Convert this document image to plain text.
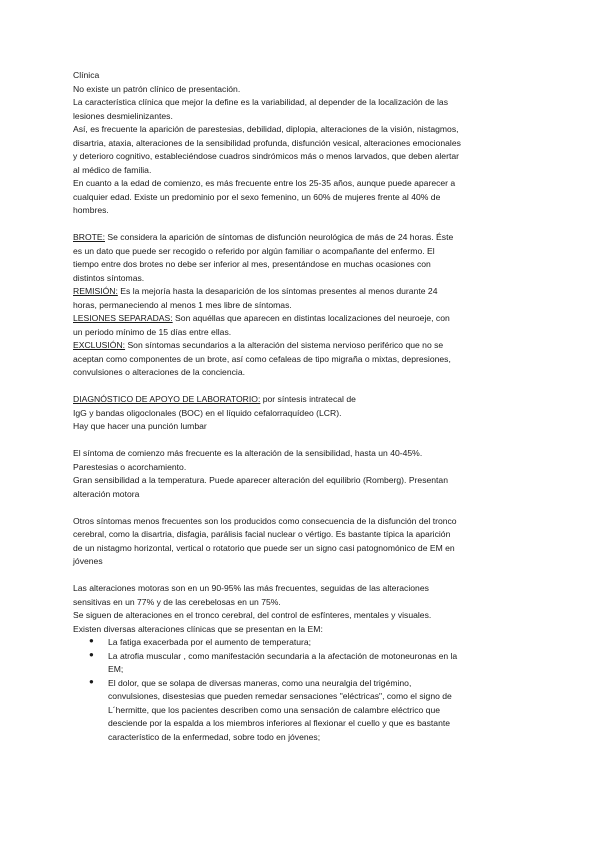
Clínica

No existe un patrón clínico de presentación.

La característica clínica que mejor la define es la variabilidad, al depender de la localización de las

lesiones desmielinizantes.

Así, es frecuente la aparición de parestesias, debilidad, diplopia, alteraciones de la visión, nistagmos,

disartria, ataxia, alteraciones de la sensibilidad profunda, disfunción vesical, alteraciones emocionales

y deterioro cognitivo, estableciéndose cuadros sindrómicos más o menos larvados, que deben alertar

al médico de familia.

En cuanto a la edad de comienzo, es más frecuente entre los 25-35 años, aunque puede aparecer a

cualquier edad. Existe un predominio por el sexo femenino, un 60% de mujeres frente al 40% de

hombres.

BROTE: Se considera la aparición de síntomas de disfunción neurológica de más de 24 horas. Éste

es un dato que puede ser recogido o referido por algún familiar o acompañante del enfermo. El

tiempo entre dos brotes no debe ser inferior al mes, presentándose en muchas ocasiones con

distintos síntomas.

REMISIÓN: Es la mejoría hasta la desaparición de los síntomas presentes al menos durante 24

horas, permaneciendo al menos 1 mes libre de síntomas.

LESIONES SEPARADAS: Son aquéllas que aparecen en distintas localizaciones del neuroeje, con

un periodo mínimo de 15 días entre ellas.

EXCLUSIÓN: Son síntomas secundarios a la alteración del sistema nervioso periférico que no se

aceptan como componentes de un brote, así como cefaleas de tipo migraña o mixtas, depresiones,

convulsiones o alteraciones de la conciencia.

DIAGNÓSTICO DE APOYO DE LABORATORIO: por síntesis intratecal de

IgG y bandas oligoclonales (BOC) en el líquido cefalorraquídeo (LCR).

Hay que hacer una punción lumbar

El síntoma de comienzo más frecuente es la alteración de la sensibilidad, hasta un 40-45%.

Parestesias o acorchamiento.

Gran sensibilidad a la temperatura. Puede aparecer alteración del equilibrio (Romberg). Presentan

alteración motora

Otros síntomas menos frecuentes son los producidos como consecuencia de la disfunción del tronco

cerebral, como la disartria, disfagia, parálisis facial nuclear o vértigo. Es bastante típica la aparición

de un nistagmo horizontal, vertical o rotatorio que puede ser un signo casi patognomónico de EM en

jóvenes

Las alteraciones motoras son en un 90-95% las más frecuentes, seguidas de las alteraciones

sensitivas en un 77% y de las cerebelosas en un 75%.

Se siguen de alteraciones en el tronco cerebral, del control de esfínteres, mentales y visuales.

Existen diversas alteraciones clínicas que se presentan en la EM:

● La fatiga exacerbada por el aumento de temperatura;

● La atrofia muscular , como manifestación secundaria a la afectación de motoneuronas en la

EM;

● El dolor, que se solapa de diversas maneras, como una neuralgia del trigémino,

convulsiones, disestesias que pueden remedar sensaciones "eléctricas", como el signo de

L´hermitte, que los pacientes describen como una sensación de calambre eléctrico que

desciende por la espalda a los miembros inferiores al flexionar el cuello y que es bastante

característico de la enfermedad, sobre todo en jóvenes;
